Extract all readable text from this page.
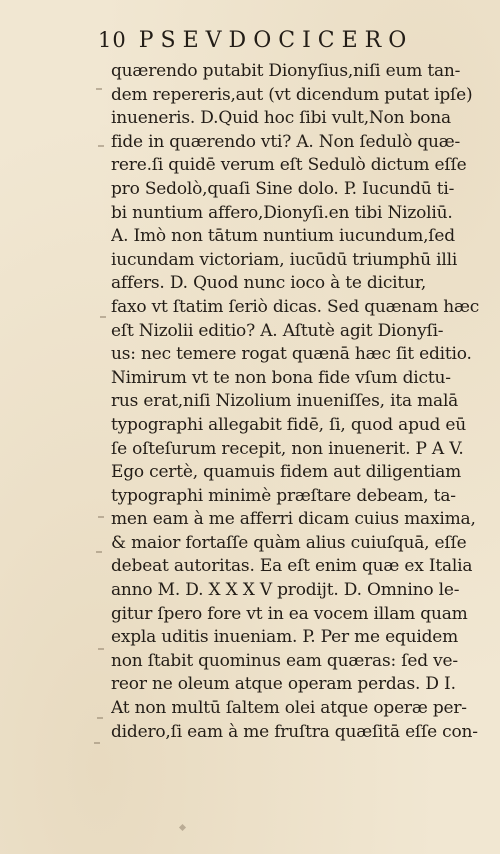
10 PSEVDOCICERO
quærendo putabit Dionyſius,niſi eum tan-
dem repereris,aut (vt dicendum putat ipſe)
inueneris. D.Quid hoc ſibi vult,Non bona
fide in quærendo vti? A. Non ſedulò quæ-
rere.ſi quidē verum eſt Sedulò dictum eſſe
pro Sedolò,quaſi Sine dolo. P. Iucundū ti-
bi nuntium affero,Dionyſi.en tibi Nizoliū.
A. Imò non tātum nuntium iucundum,ſed
iucundam victoriam, iucūdū triumphū illi
affers. D. Quod nunc ioco à te dicitur,
faxo vt ſtatim ſeriò dicas. Sed quænam hæc
eſt Nizolii editio? A. Aſtutè agit Dionyſi-
us: nec temere rogat quænā hæc ſit editio.
Nimirum vt te non bona fide vſum dictu-
rus erat,niſi Nizolium inueniſſes, ita malā
typographi allegabit fidē, ſi, quod apud eū
ſe oſteſurum recepit, non inuenerit. P A V.
Ego certè, quamuis fidem aut diligentiam
typographi minimè præſtare debeam, ta-
men eam à me afferri dicam cuius maxima,
& maior fortaſſe quàm alius cuiuſquā, eſſe
debeat autoritas. Ea eſt enim quæ ex Italia
anno M. D. X X X V prodijt. D. Omnino le-
gitur ſpero fore vt in ea vocem illam quam
expla uditis inueniam. P. Per me equidem
non ſtabit quominus eam quæras: ſed ve-
reor ne oleum atque operam perdas. D I.
At non multū ſaltem olei atque operæ per-
didero,ſi eam à me fruſtra quæſitā eſſe con-
